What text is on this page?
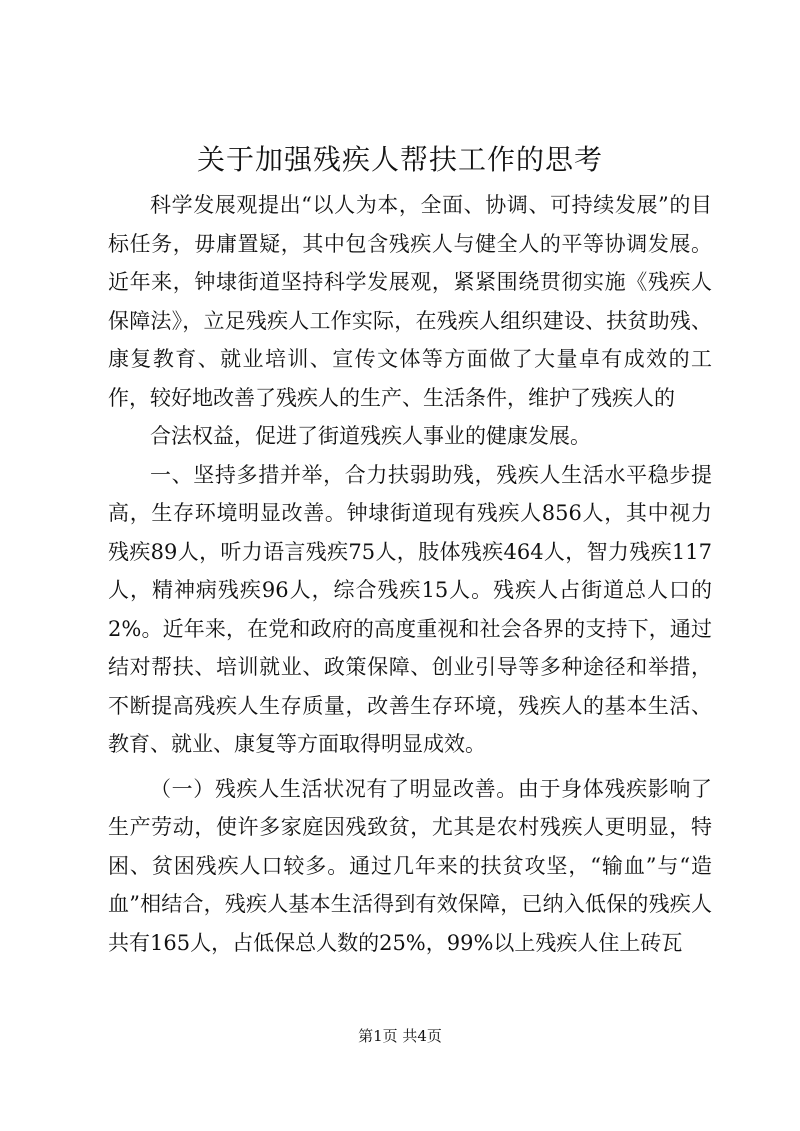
关于加强残疾人帮扶工作的思考

科学发展观提出“以人为本，全面、协调、可持续发展”的目标任务，毋庸置疑，其中包含残疾人与健全人的平等协调发展。近年来，钟埭街道坚持科学发展观，紧紧围绕贯彻实施《残疾人保障法》，立足残疾人工作实际，在残疾人组织建设、扶贫助残、康复教育、就业培训、宣传文体等方面做了大量卓有成效的工作，较好地改善了残疾人的生产、生活条件，维护了残疾人的

合法权益，促进了街道残疾人事业的健康发展。

一、坚持多措并举，合力扶弱助残，残疾人生活水平稳步提高，生存环境明显改善。钟埭街道现有残疾人856人，其中视力残疾89人，听力语言残疾75人，肢体残疾464人，智力残疾117人，精神病残疾96人，综合残疾15人。残疾人占街道总人口的2%。近年来，在党和政府的高度重视和社会各界的支持下，通过结对帮扶、培训就业、政策保障、创业引导等多种途径和举措，不断提高残疾人生存质量，改善生存环境，残疾人的基本生活、教育、就业、康复等方面取得明显成效。

（一）残疾人生活状况有了明显改善。由于身体残疾影响了生产劳动，使许多家庭因残致贫，尤其是农村残疾人更明显，特困、贫困残疾人口较多。通过几年来的扶贫攻坚，“输血”与“造血”相结合，残疾人基本生活得到有效保障，已纳入低保的残疾人共有165人，占低保总人数的25%，99%以上残疾人住上砖瓦

第1页 共4页
